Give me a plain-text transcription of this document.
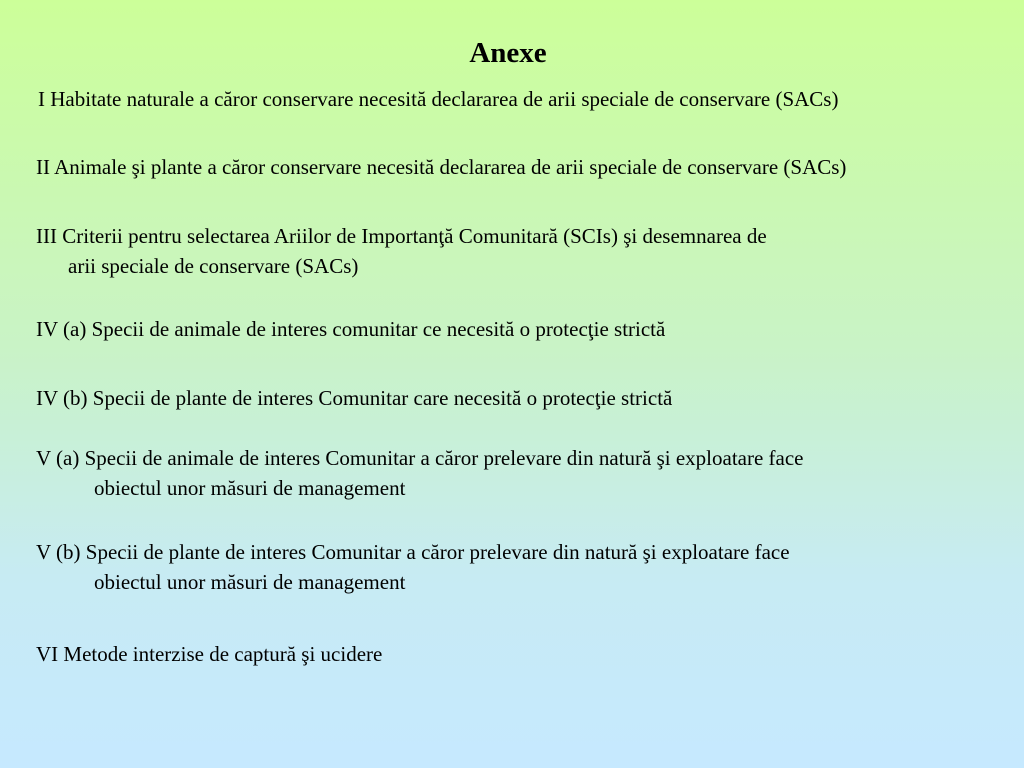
Anexe
I Habitate naturale a căror conservare necesită declararea de arii speciale de conservare (SACs)
II Animale şi plante a căror conservare necesită declararea de arii speciale de conservare (SACs)
III Criterii pentru selectarea Ariilor de Importanţă Comunitară (SCIs) şi desemnarea de
arii speciale de conservare (SACs)
IV (a) Specii de animale de interes comunitar ce necesită o protecţie strictă
IV (b) Specii de plante de interes Comunitar care necesită o protecţie strictă
V (a) Specii de animale de interes Comunitar a căror prelevare din natură şi exploatare face
obiectul unor măsuri de management
V (b) Specii de plante de interes Comunitar a căror prelevare din natură şi exploatare face
obiectul unor măsuri de management
VI Metode interzise de captură şi ucidere
